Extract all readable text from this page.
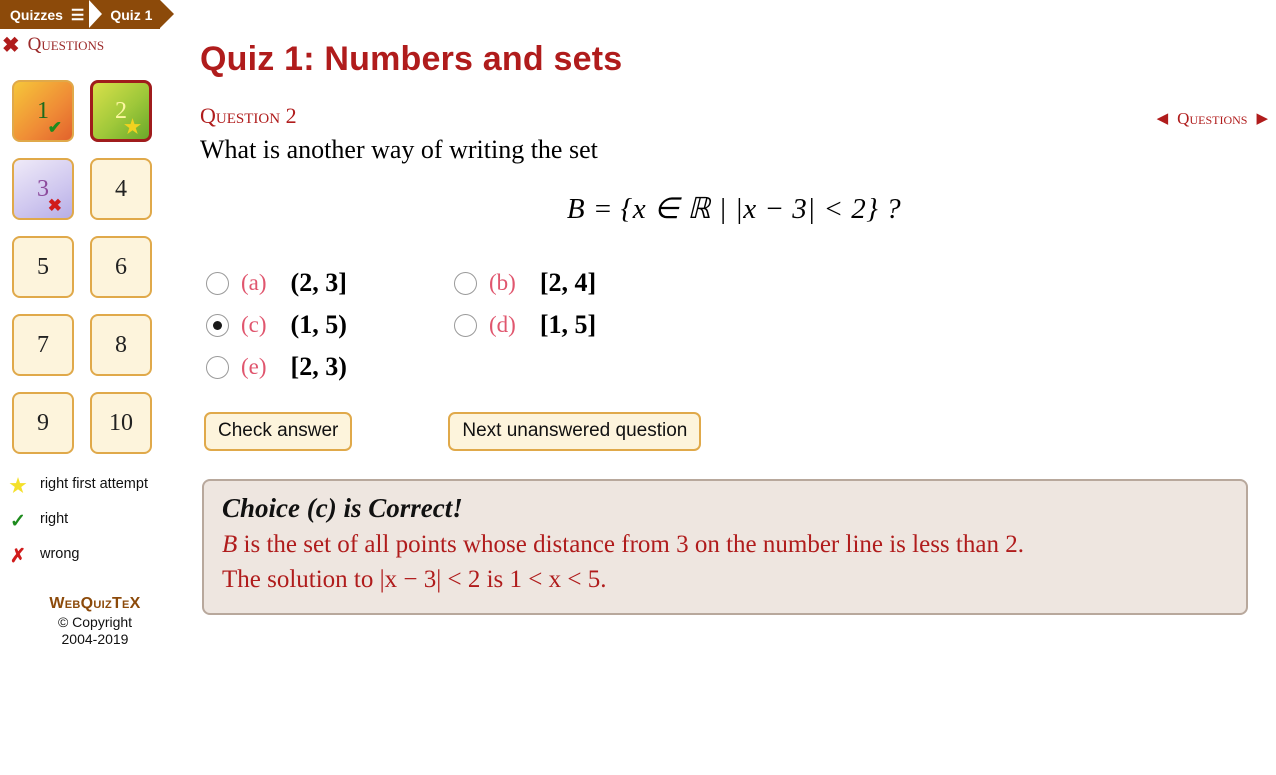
Quizzes ☰ Quiz 1
✖ Questions
1
✔
2
★
3
✖
4
5	6
7	8
9	10
★ right first attempt
✓ right
✗ wrong
WebQuizTeX
© Copyright
2004-2019
Quiz 1: Numbers and sets
Question 2	◀ Questions ▶

What is another way of writing the set

B = {x ∈ ℝ | |x − 3| < 2} ?
(a) (2, 3]	(b) [2, 4]
(c) (1, 5)	(d) [1, 5]
(e) [2, 3)
Check answer	Next unanswered question
Choice (c) is Correct!
B is the set of all points whose distance from 3 on the number line is less than 2.
The solution to |x − 3| < 2 is 1 < x < 5.
